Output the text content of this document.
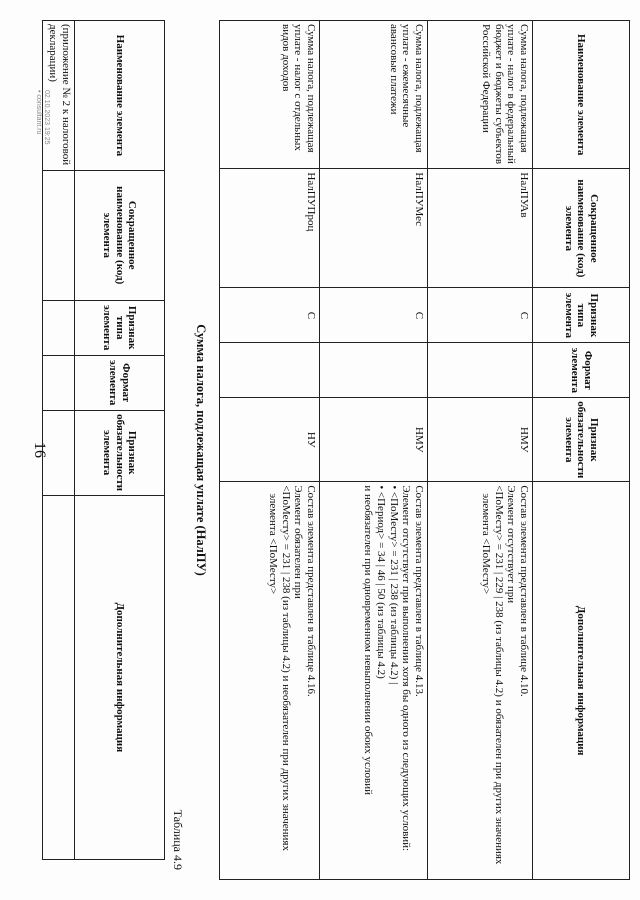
Наименование элемента	Сокращенное наименование (код) элемента	Признак типа элемента	Формат элемента	Признак обязательности элемента	Дополнительная информация
Сумма налога, подлежащая уплате - налог в федеральный бюджет и бюджеты субъектов Российской Федерации	НалПУАв	С		НМУ	Состав элемента представлен в таблице 4.10.
Элемент отсутствует при
<ПоМесту> = 231 | 229 | 238 (из таблицы 4.2) и обязателен при других значениях элемента <ПоМесту>

Сумма налога, подлежащая уплате - ежемесячные авансовые платежи	НалПУМес	С		НМУ	Состав элемента представлен в таблице 4.13.
Элемент отсутствует при выполнении хотя бы одного из следующих условий:
• <ПоМесту> = 231 | 238 (из таблицы 4.2) |
• <Период> = 34 | 46 | 50 (из таблицы 4.2)
и необязателен при одновременном невыполнении обоих условий

Сумма налога, подлежащая уплате - налог с отдельных видов доходов	НалПУПроц	С		НУ	Состав элемента представлен в таблице 4.16.
Элемент обязателен при
<ПоМесту> = 231 | 238 (из таблицы 4.2) и необязателен при других значениях элемента <ПоМесту>
Сумма налога, подлежащая уплате (НалПУ)
Таблица 4.9
Наименование элемента	Сокращенное наименование (код) элемента	Признак типа элемента	Формат элемента	Признак обязательности элемента	Дополнительная информация
(приложение № 2 к налоговой декларации)					
16
02.10.2023 19:25
• consultant.ru
